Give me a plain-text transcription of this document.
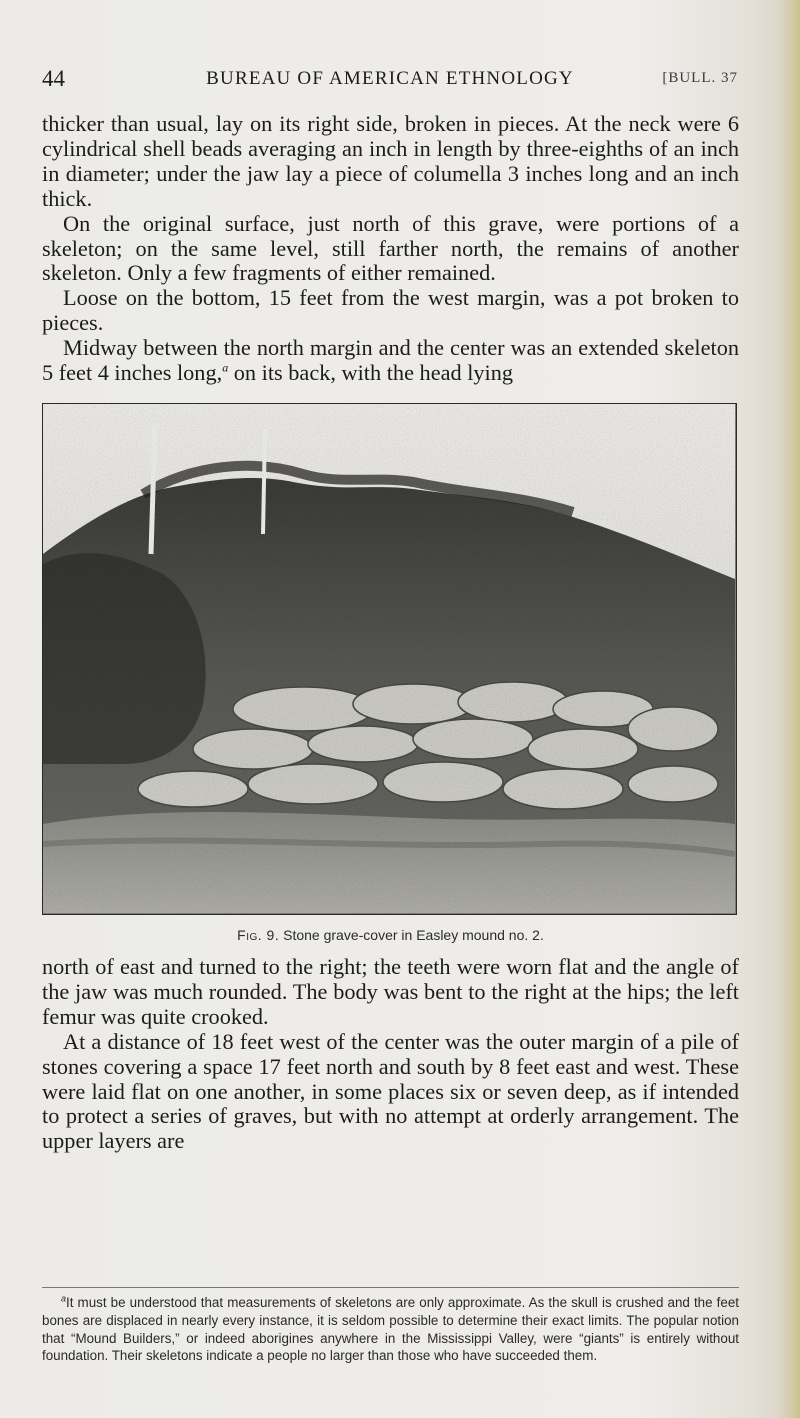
44	BUREAU OF AMERICAN ETHNOLOGY	[BULL. 37

thicker than usual, lay on its right side, broken in pieces. At the neck were 6 cylindrical shell beads averaging an inch in length by three-eighths of an inch in diameter; under the jaw lay a piece of columella 3 inches long and an inch thick.

On the original surface, just north of this grave, were portions of a skeleton; on the same level, still farther north, the remains of another skeleton. Only a few fragments of either remained.

Loose on the bottom, 15 feet from the west margin, was a pot broken to pieces.

Midway between the north margin and the center was an extended skeleton 5 feet 4 inches long,$^a$ on its back, with the head lying

Fig. 9. Stone grave-cover in Easley mound no. 2.

north of east and turned to the right; the teeth were worn flat and the angle of the jaw was much rounded. The body was bent to the right at the hips; the left femur was quite crooked.

At a distance of 18 feet west of the center was the outer margin of a pile of stones covering a space 17 feet north and south by 8 feet east and west. These were laid flat on one another, in some places six or seven deep, as if intended to protect a series of graves, but with no attempt at orderly arrangement. The upper layers are

$^a$It must be understood that measurements of skeletons are only approximate. As the skull is crushed and the feet bones are displaced in nearly every instance, it is seldom possible to determine their exact limits. The popular notion that “Mound Builders,” or indeed aborigines anywhere in the Mississippi Valley, were “giants” is entirely without foundation. Their skeletons indicate a people no larger than those who have succeeded them.
